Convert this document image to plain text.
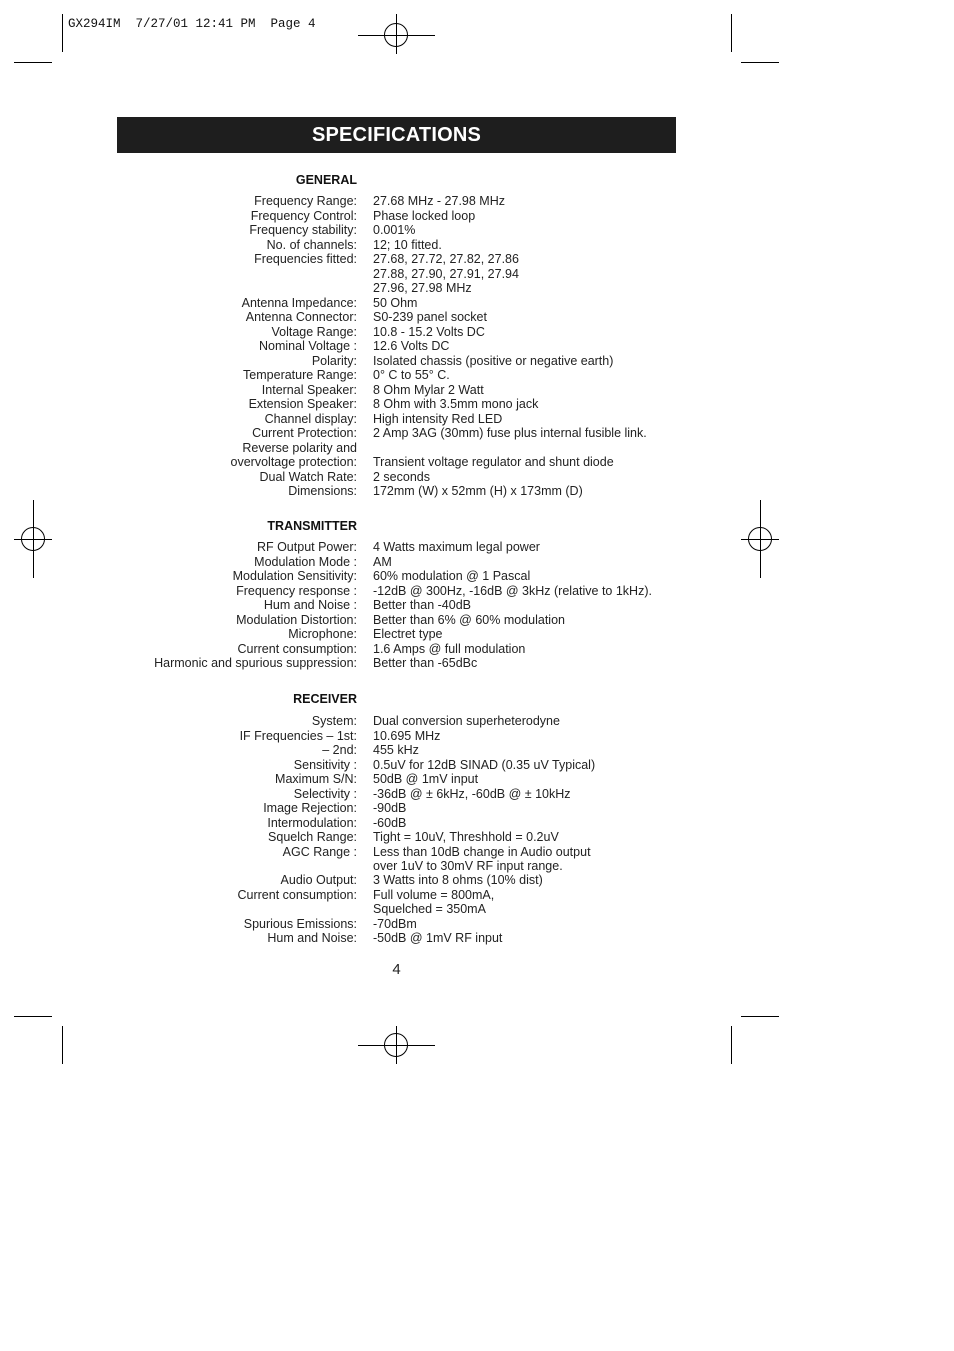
GX294IM  7/27/01 12:41 PM  Page 4
SPECIFICATIONS
GENERAL
Frequency Range: 27.68 MHz - 27.98 MHz
Frequency Control: Phase locked loop
Frequency stability: 0.001%
No. of channels: 12; 10 fitted.
Frequencies fitted: 27.68, 27.72, 27.82, 27.86
27.88, 27.90, 27.91, 27.94
27.96, 27.98 MHz
Antenna Impedance: 50 Ohm
Antenna Connector: S0-239 panel socket
Voltage Range: 10.8 - 15.2 Volts DC
Nominal Voltage : 12.6 Volts DC
Polarity: Isolated chassis (positive or negative earth)
Temperature Range: 0° C to 55° C.
Internal Speaker: 8 Ohm Mylar 2 Watt
Extension Speaker: 8 Ohm with 3.5mm mono jack
Channel display: High intensity Red LED
Current Protection: 2 Amp 3AG (30mm) fuse plus internal fusible link.
Reverse polarity and
overvoltage protection: Transient voltage regulator and shunt diode
Dual Watch Rate: 2 seconds
Dimensions: 172mm (W) x 52mm (H) x 173mm (D)
TRANSMITTER
RF Output Power: 4 Watts maximum legal power
Modulation Mode : AM
Modulation Sensitivity: 60% modulation @ 1 Pascal
Frequency response : -12dB @ 300Hz, -16dB @ 3kHz (relative to 1kHz).
Hum and Noise : Better than -40dB
Modulation Distortion: Better than 6% @ 60% modulation
Microphone: Electret type
Current consumption: 1.6 Amps @ full modulation
Harmonic and spurious suppression: Better than -65dBc
RECEIVER
System: Dual conversion superheterodyne
IF Frequencies – 1st: 10.695 MHz
– 2nd: 455 kHz
Sensitivity : 0.5uV for 12dB SINAD (0.35 uV Typical)
Maximum S/N: 50dB @ 1mV input
Selectivity : -36dB @ ± 6kHz, -60dB @ ± 10kHz
Image Rejection: -90dB
Intermodulation: -60dB
Squelch Range: Tight = 10uV, Threshhold = 0.2uV
AGC Range : Less than 10dB change in Audio output
over 1uV to 30mV RF input range.
Audio Output: 3 Watts into 8 ohms (10% dist)
Current consumption: Full volume = 800mA,
Squelched = 350mA
Spurious Emissions: -70dBm
Hum and Noise: -50dB @ 1mV RF input
4
